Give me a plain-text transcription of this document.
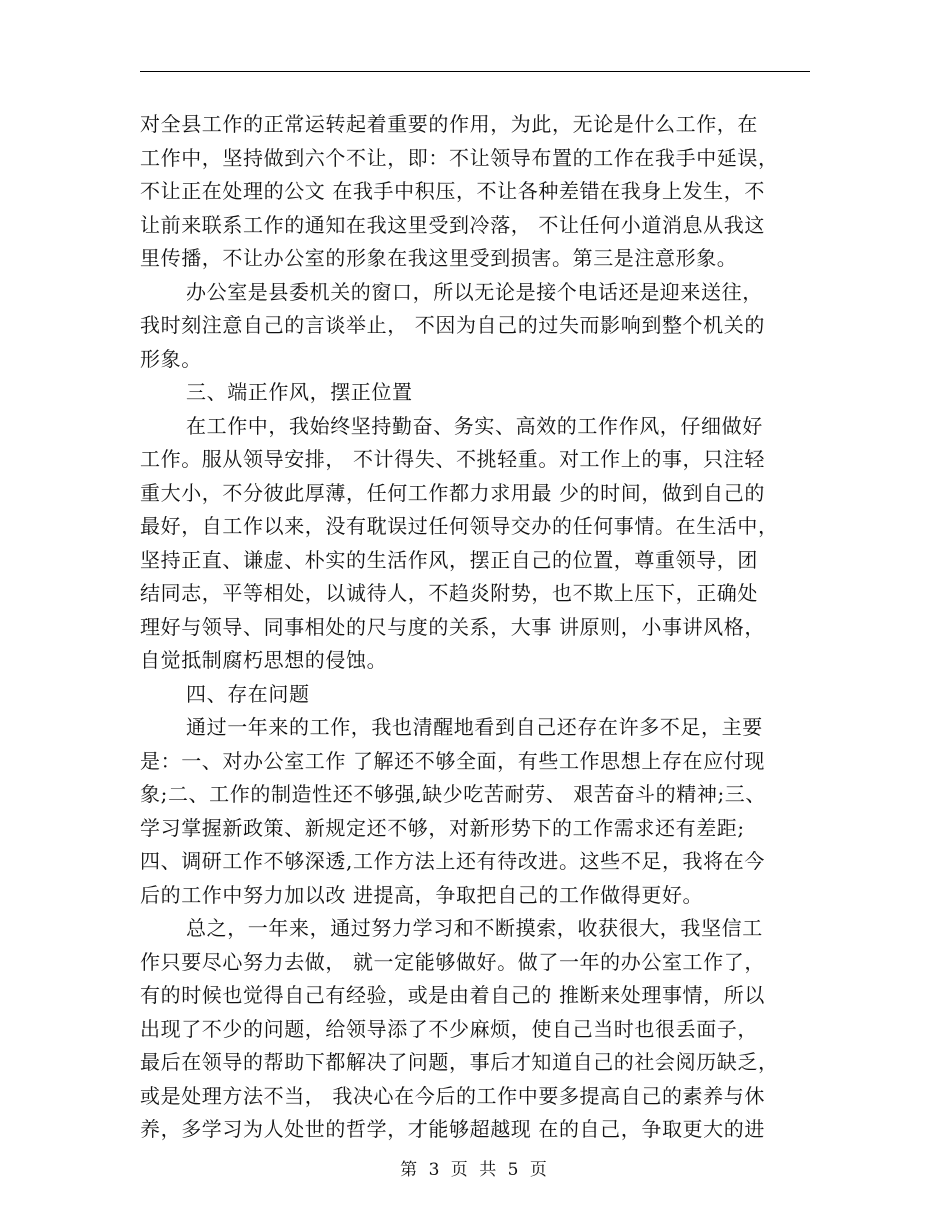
对全县工作的正常运转起着重要的作用，为此，无论是什么工作，在
工作中，坚持做到六个不让，即：不让领导布置的工作在我手中延误，
不让正在处理的公文 在我手中积压，不让各种差错在我身上发生，不
让前来联系工作的通知在我这里受到冷落， 不让任何小道消息从我这
里传播，不让办公室的形象在我这里受到损害。第三是注意形象。
办公室是县委机关的窗口，所以无论是接个电话还是迎来送往，
我时刻注意自己的言谈举止， 不因为自己的过失而影响到整个机关的
形象。
三、端正作风，摆正位置
在工作中，我始终坚持勤奋、务实、高效的工作作风，仔细做好
工作。服从领导安排， 不计得失、不挑轻重。对工作上的事，只注轻
重大小，不分彼此厚薄，任何工作都力求用最 少的时间，做到自己的
最好，自工作以来，没有耽误过任何领导交办的任何事情。在生活中，
坚持正直、谦虚、朴实的生活作风，摆正自己的位置，尊重领导，团
结同志，平等相处，以诚待人，不趋炎附势，也不欺上压下，正确处
理好与领导、同事相处的尺与度的关系，大事 讲原则，小事讲风格，
自觉抵制腐朽思想的侵蚀。
四、存在问题
通过一年来的工作，我也清醒地看到自己还存在许多不足，主要
是：一、对办公室工作 了解还不够全面，有些工作思想上存在应付现
象;二、工作的制造性还不够强,缺少吃苦耐劳、 艰苦奋斗的精神;三、
学习掌握新政策、新规定还不够，对新形势下的工作需求还有差距;
四、调研工作不够深透,工作方法上还有待改进。这些不足，我将在今
后的工作中努力加以改 进提高，争取把自己的工作做得更好。
总之，一年来，通过努力学习和不断摸索，收获很大，我坚信工
作只要尽心努力去做， 就一定能够做好。做了一年的办公室工作了，
有的时候也觉得自己有经验，或是由着自己的 推断来处理事情，所以
出现了不少的问题，给领导添了不少麻烦，使自己当时也很丢面子，
最后在领导的帮助下都解决了问题，事后才知道自己的社会阅历缺乏，
或是处理方法不当， 我决心在今后的工作中要多提高自己的素养与休
养，多学习为人处世的哲学，才能够超越现 在的自己，争取更大的进
第 3 页 共 5 页
